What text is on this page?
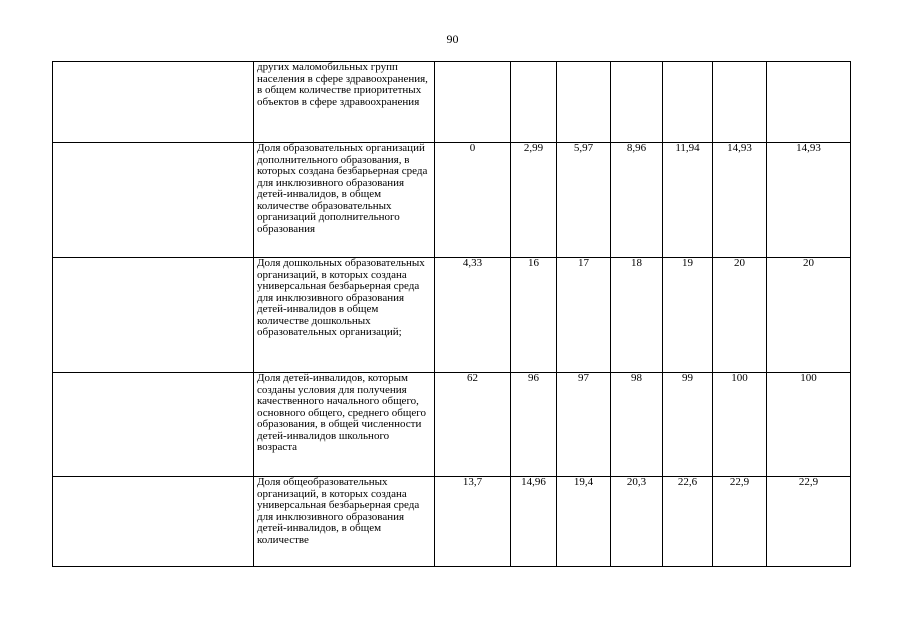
90
	других маломобильных групп населения в сфере здравоохранения, в общем количестве приоритетных объектов в сфере здравоохранения							
	Доля образовательных организаций дополнительного образования, в которых создана безбарьерная среда для инклюзивного образования детей-инвалидов, в общем количестве образовательных организаций дополнительного образования	0	2,99	5,97	8,96	11,94	14,93	14,93
	Доля дошкольных образовательных организаций, в которых создана универсальная безбарьерная среда для инклюзивного образования детей-инвалидов в общем количестве дошкольных образовательных организаций;	4,33	16	17	18	19	20	20
	Доля детей-инвалидов, которым созданы условия для получения качественного начального общего, основного общего, среднего общего образования, в общей численности детей-инвалидов школьного возраста	62	96	97	98	99	100	100
	Доля общеобразовательных организаций, в которых создана универсальная безбарьерная среда для инклюзивного образования детей-инвалидов, в общем количестве	13,7	14,96	19,4	20,3	22,6	22,9	22,9
